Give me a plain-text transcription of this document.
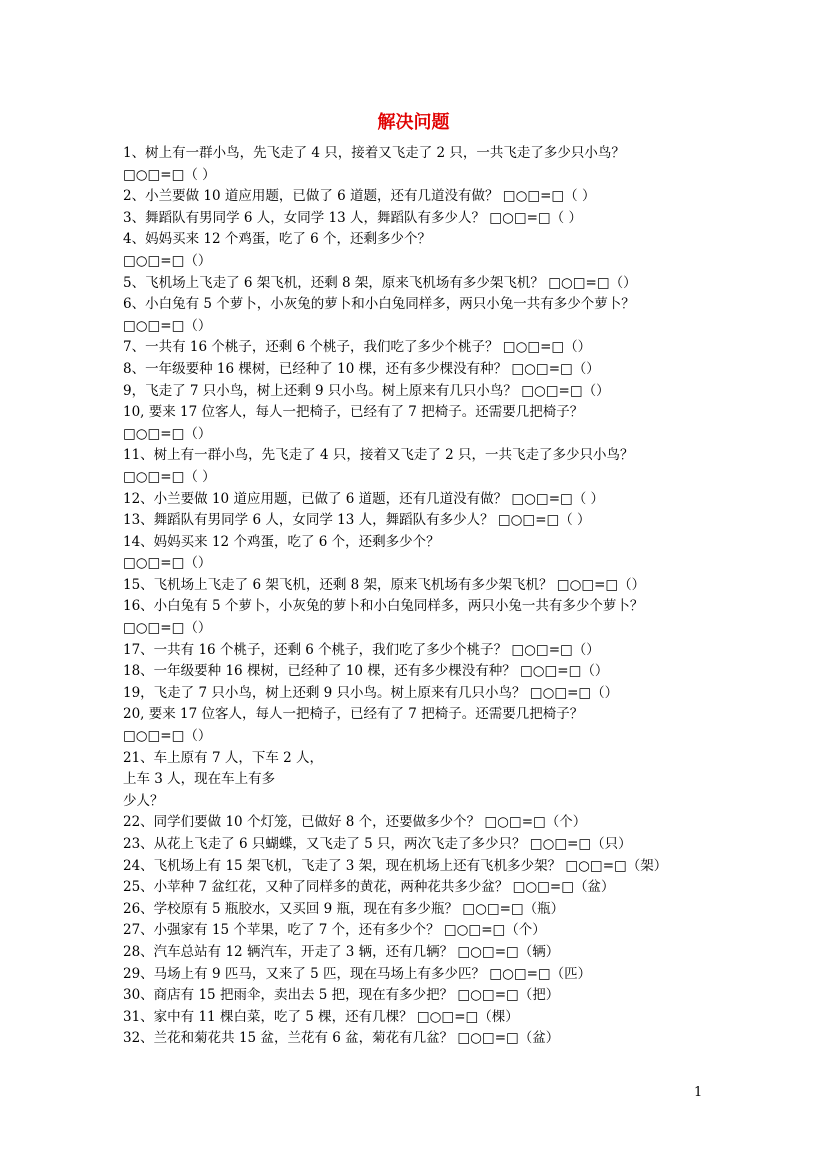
解决问题
1、树上有一群小鸟，先飞走了 4 只，接着又飞走了 2 只，一共飞走了多少只小鸟？
□○□=□（ ）
2、小兰要做 10 道应用题，已做了 6 道题，还有几道没有做？ □○□=□（ ）
3、舞蹈队有男同学 6 人，女同学 13 人，舞蹈队有多少人？ □○□=□（ ）
4、妈妈买来 12 个鸡蛋，吃了 6 个，还剩多少个？
□○□=□（）
5、飞机场上飞走了 6 架飞机，还剩 8 架，原来飞机场有多少架飞机？ □○□=□（）
6、小白兔有 5 个萝卜，小灰兔的萝卜和小白兔同样多，两只小兔一共有多少个萝卜？
□○□=□（）
7、一共有 16 个桃子，还剩 6 个桃子，我们吃了多少个桃子？ □○□=□（）
8、一年级要种 16 棵树，已经种了 10 棵，还有多少棵没有种？ □○□=□（）
9，飞走了 7 只小鸟，树上还剩 9 只小鸟。树上原来有几只小鸟？ □○□=□（）
10, 要来 17 位客人，每人一把椅子，已经有了 7 把椅子。还需要几把椅子？
□○□=□（）
11、树上有一群小鸟，先飞走了 4 只，接着又飞走了 2 只，一共飞走了多少只小鸟？
□○□=□（ ）
12、小兰要做 10 道应用题，已做了 6 道题，还有几道没有做？ □○□=□（ ）
13、舞蹈队有男同学 6 人，女同学 13 人，舞蹈队有多少人？ □○□=□（ ）
14、妈妈买来 12 个鸡蛋，吃了 6 个，还剩多少个？
□○□=□（）
15、飞机场上飞走了 6 架飞机，还剩 8 架，原来飞机场有多少架飞机？ □○□=□（）
16、小白兔有 5 个萝卜，小灰兔的萝卜和小白兔同样多，两只小兔一共有多少个萝卜？
□○□=□（）
17、一共有 16 个桃子，还剩 6 个桃子，我们吃了多少个桃子？ □○□=□（）
18、一年级要种 16 棵树，已经种了 10 棵，还有多少棵没有种？ □○□=□（）
19，飞走了 7 只小鸟，树上还剩 9 只小鸟。树上原来有几只小鸟？ □○□=□（）
20, 要来 17 位客人，每人一把椅子，已经有了 7 把椅子。还需要几把椅子？
□○□=□（）
21、车上原有 7 人，下车 2 人，
上车 3 人，现在车上有多
少人？
22、同学们要做 10 个灯笼，已做好 8 个，还要做多少个？ □○□=□（个）
23、从花上飞走了 6 只蝴蝶，又飞走了 5 只，两次飞走了多少只？ □○□=□（只）
24、飞机场上有 15 架飞机，飞走了 3 架，现在机场上还有飞机多少架？ □○□=□（架）
25、小苹种 7 盆红花，又种了同样多的黄花，两种花共多少盆？ □○□=□（盆）
26、学校原有 5 瓶胶水，又买回 9 瓶，现在有多少瓶？ □○□=□（瓶）
27、小强家有 15 个苹果，吃了 7 个，还有多少个？ □○□=□（个）
28、汽车总站有 12 辆汽车，开走了 3 辆，还有几辆？ □○□=□（辆）
29、马场上有 9 匹马，又来了 5 匹，现在马场上有多少匹？ □○□=□（匹）
30、商店有 15 把雨伞，卖出去 5 把，现在有多少把？ □○□=□（把）
31、家中有 11 棵白菜，吃了 5 棵，还有几棵？ □○□=□（棵）
32、兰花和菊花共 15 盆，兰花有 6 盆，菊花有几盆？ □○□=□（盆）
1
